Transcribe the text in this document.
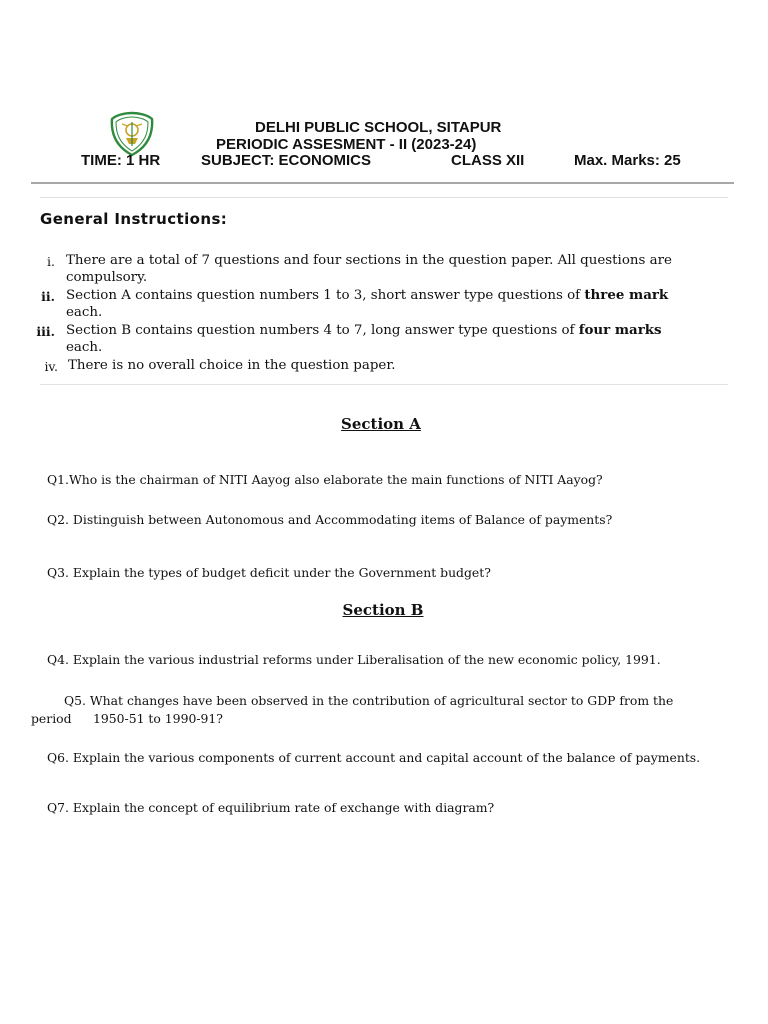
DELHI PUBLIC SCHOOL, SITAPUR
PERIODIC ASSESMENT - II (2023-24)
TIME: 1 HR	SUBJECT: ECONOMICS	CLASS XII	Max. Marks: 25
General Instructions:
i. There are a total of 7 questions and four sections in the question paper. All questions are
compulsory.
ii. Section A contains question numbers 1 to 3, short answer type questions of three mark
each.
iii. Section B contains question numbers 4 to 7, long answer type questions of four marks
each.
iv. There is no overall choice in the question paper.
Section A
Q1.Who is the chairman of NITI Aayog also elaborate the main functions of NITI Aayog?
Q2. Distinguish between Autonomous and Accommodating items of Balance of payments?
Q3. Explain the types of budget deficit under the Government budget?
Section B
Q4. Explain the various industrial reforms under Liberalisation of the new economic policy, 1991.
Q5. What changes have been observed in the contribution of agricultural sector to GDP from the
period 1950-51 to 1990-91?
Q6. Explain the various components of current account and capital account of the balance of payments.
Q7. Explain the concept of equilibrium rate of exchange with diagram?
